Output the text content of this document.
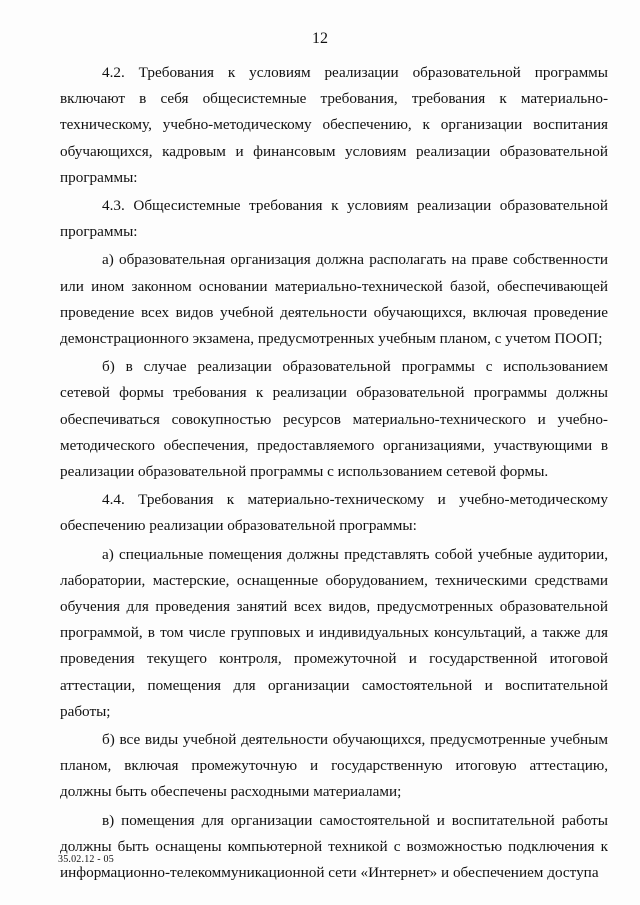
12

4.2. Требования к условиям реализации образовательной программы включают в себя общесистемные требования, требования к материально-техническому, учебно-методическому обеспечению, к организации воспитания обучающихся, кадровым и финансовым условиям реализации образовательной программы:

4.3. Общесистемные требования к условиям реализации образовательной программы:

а) образовательная организация должна располагать на праве собственности или ином законном основании материально-технической базой, обеспечивающей проведение всех видов учебной деятельности обучающихся, включая проведение демонстрационного экзамена, предусмотренных учебным планом, с учетом ПООП;

б) в случае реализации образовательной программы с использованием сетевой формы требования к реализации образовательной программы должны обеспечиваться совокупностью ресурсов материально-технического и учебно-методического обеспечения, предоставляемого организациями, участвующими в реализации образовательной программы с использованием сетевой формы.

4.4. Требования к материально-техническому и учебно-методическому обеспечению реализации образовательной программы:

а) специальные помещения должны представлять собой учебные аудитории, лаборатории, мастерские, оснащенные оборудованием, техническими средствами обучения для проведения занятий всех видов, предусмотренных образовательной программой, в том числе групповых и индивидуальных консультаций, а также для проведения текущего контроля, промежуточной и государственной итоговой аттестации, помещения для организации самостоятельной и воспитательной работы;

б) все виды учебной деятельности обучающихся, предусмотренные учебным планом, включая промежуточную и государственную итоговую аттестацию, должны быть обеспечены расходными материалами;

в) помещения для организации самостоятельной и воспитательной работы должны быть оснащены компьютерной техникой с возможностью подключения к информационно-телекоммуникационной сети «Интернет» и обеспечением доступа

35.02.12 - 05
